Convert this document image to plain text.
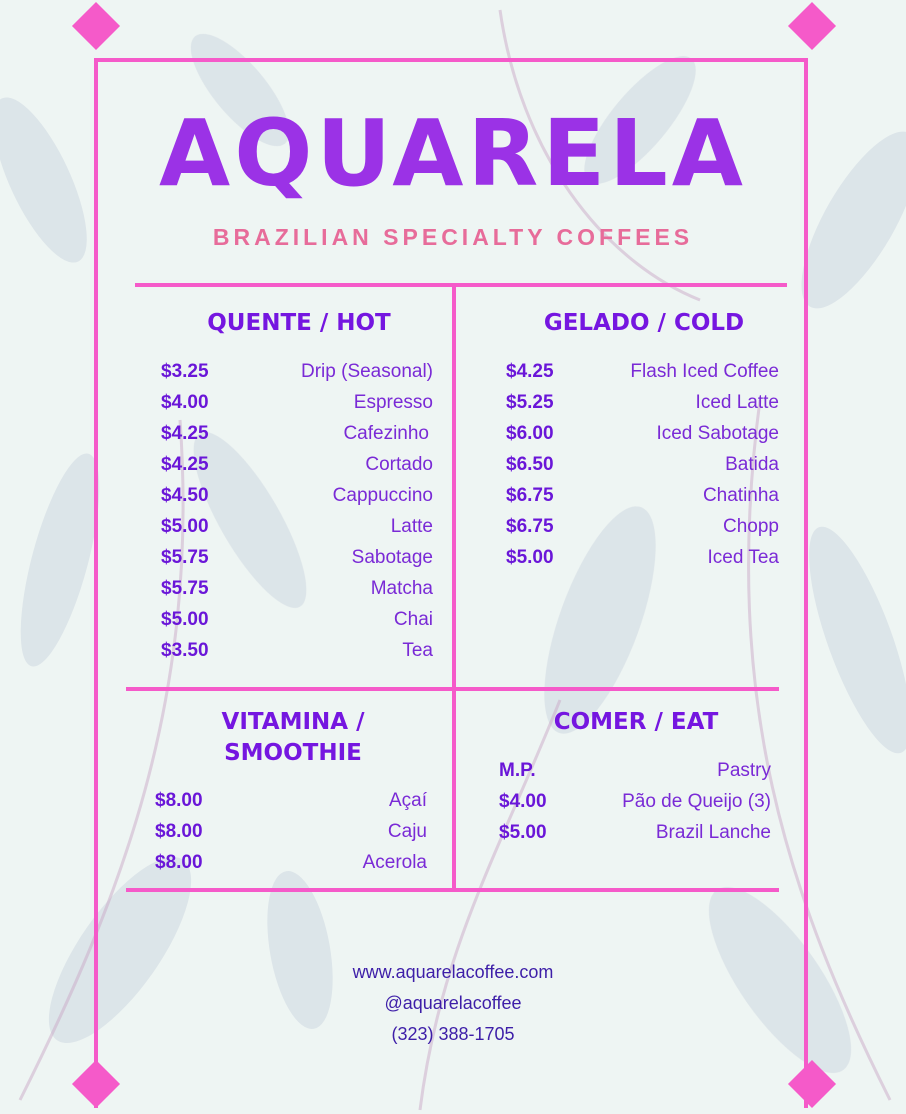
AQUARELA
BRAZILIAN SPECIALTY COFFEES
QUENTE / HOT
$3.25	Drip (Seasonal)
$4.00	Espresso
$4.25	Cafezinho
$4.25	Cortado
$4.50	Cappuccino
$5.00	Latte
$5.75	Sabotage
$5.75	Matcha
$5.00	Chai
$3.50	Tea
GELADO / COLD
$4.25	Flash Iced Coffee
$5.25	Iced Latte
$6.00	Iced Sabotage
$6.50	Batida
$6.75	Chatinha
$6.75	Chopp
$5.00	Iced Tea
VITAMINA /
SMOOTHIE
$8.00	Açaí
$8.00	Caju
$8.00	Acerola
COMER / EAT
M.P.	Pastry
$4.00	Pão de Queijo (3)
$5.00	Brazil Lanche
www.aquarelacoffee.com
@aquarelacoffee
(323) 388-1705
